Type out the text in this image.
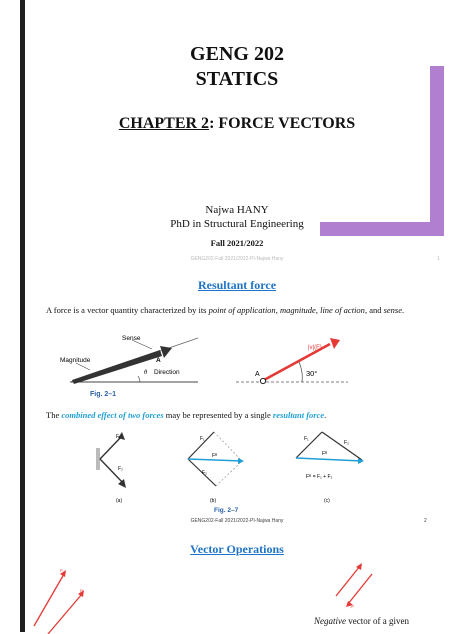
GENG 202
STATICS
CHAPTER 2: FORCE VECTORS
Najwa HANY
PhD in Structural Engineering
Fall 2021/2022
GENG202-Fall 2021/2022-PI-Najwa Hany	1
Resultant force
A force is a vector quantity characterized by its point of application, magnitude, line of action, and sense.
Sense
Magnitude	A
θ Direction
Fig. 2–1
A
|v|(F)
30°
The combined effect of two forces may be represented by a single resultant force.
F₁
F₂
(a)
F₁
F₂
Fᴿ
(b)
F₁
F₂
Fᴿ
Fᴿ = F₁ + F₂
(c)
Fig. 2–7
GENG202-Fall 2021/2022-PI-Najwa Hany	2
Vector Operations
P
P
-P
Negative vector of a given
